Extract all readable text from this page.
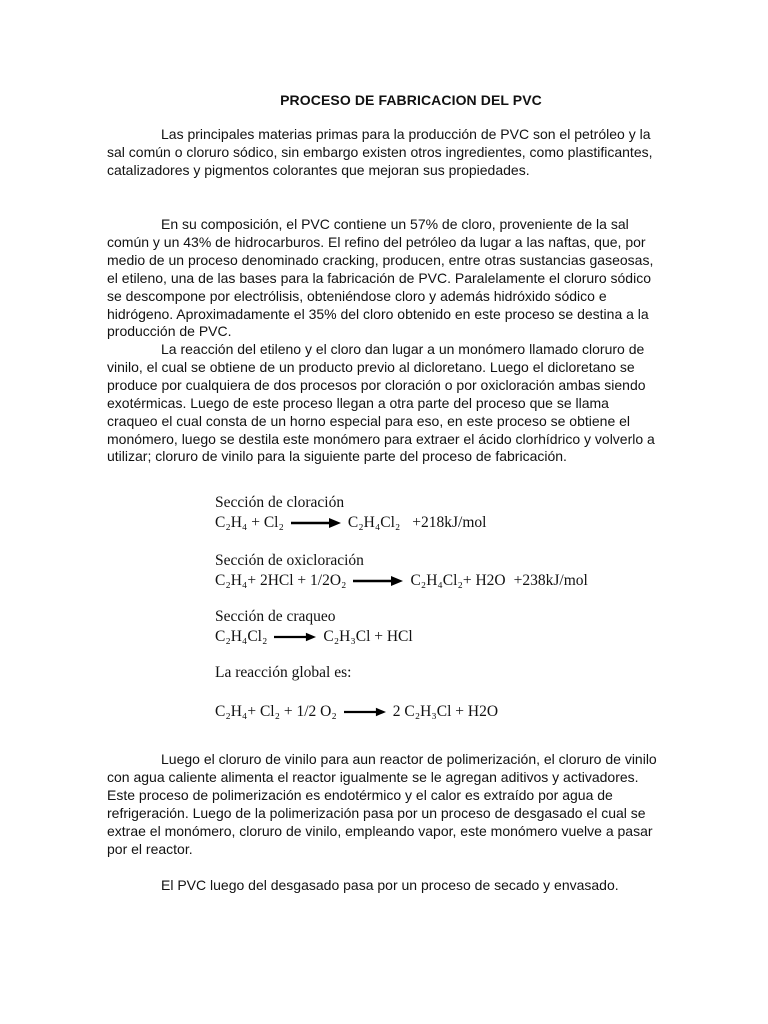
PROCESO DE FABRICACION DEL PVC

Las principales materias primas para la producción de PVC son el petróleo y la sal común o cloruro sódico, sin embargo existen otros ingredientes, como plastificantes, catalizadores y pigmentos colorantes que mejoran sus propiedades.

En su composición, el PVC contiene un 57% de cloro, proveniente de la sal común y un 43% de hidrocarburos. El refino del petróleo da lugar a las naftas, que, por medio de un proceso denominado cracking, producen, entre otras sustancias gaseosas, el etileno, una de las bases para la fabricación de PVC. Paralelamente el cloruro sódico se descompone por electrólisis, obteniéndose cloro y además hidróxido sódico e hidrógeno. Aproximadamente el 35% del cloro obtenido en este proceso se destina a la producción de PVC.

La reacción del etileno y el cloro dan lugar a un monómero llamado cloruro de vinilo, el cual se obtiene de un producto previo al dicloretano. Luego el dicloretano se produce por cualquiera de dos procesos por cloración o por oxicloración ambas siendo exotérmicas. Luego de este proceso llegan a otra parte del proceso que se llama craqueo el cual consta de un horno especial para eso, en este proceso se obtiene el monómero, luego se destila este monómero para extraer el ácido clorhídrico y volverlo a utilizar; cloruro de vinilo para la siguiente parte del proceso de fabricación.

Sección de cloración
C₂H₄ + Cl₂ → C₂H₄Cl₂ +218kJ/mol
Sección de oxicloración
C₂H₄+ 2HCl + 1/2O₂ → C₂H₄Cl₂+ H2O +238kJ/mol
Sección de craqueo
C₂H₄Cl₂ → C₂H₃Cl + HCl
La reacción global es:
C₂H₄+ Cl₂ + 1/2 O₂ → 2 C₂H₃Cl + H2O

Luego el cloruro de vinilo para aun reactor de polimerización, el cloruro de vinilo con agua caliente alimenta el reactor igualmente se le agregan aditivos y activadores. Este proceso de polimerización es endotérmico y el calor es extraído por agua de refrigeración. Luego de la polimerización pasa por un proceso de desgasado el cual se extrae el monómero, cloruro de vinilo, empleando vapor, este monómero vuelve a pasar por el reactor.

El PVC luego del desgasado pasa por un proceso de secado y envasado.
